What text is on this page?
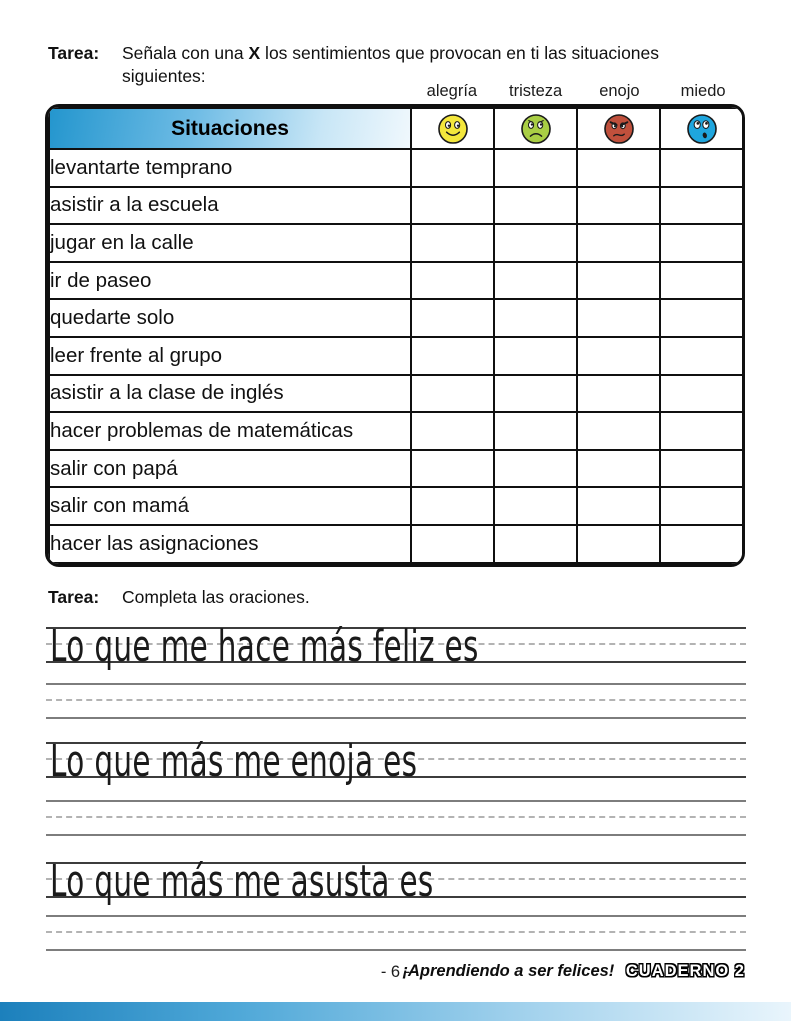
Tarea:	Señala con una X los sentimientos que provocan en ti las situaciones
siguientes:
alegría	tristeza	enojo	miedo
Situaciones				
levantarte temprano				
asistir a la escuela				
jugar en la calle				
ir de paseo				
quedarte solo				
leer frente al grupo				
asistir a la clase de inglés				
hacer problemas de matemáticas				
salir con papá				
salir con mamá				
hacer las asignaciones				
Tarea:	Completa las oraciones.
Lo que me hace más feliz es
Lo que más me enoja es
Lo que más me asusta es
- 6 -
¡Aprendiendo a ser felices! CUADERNO 2
